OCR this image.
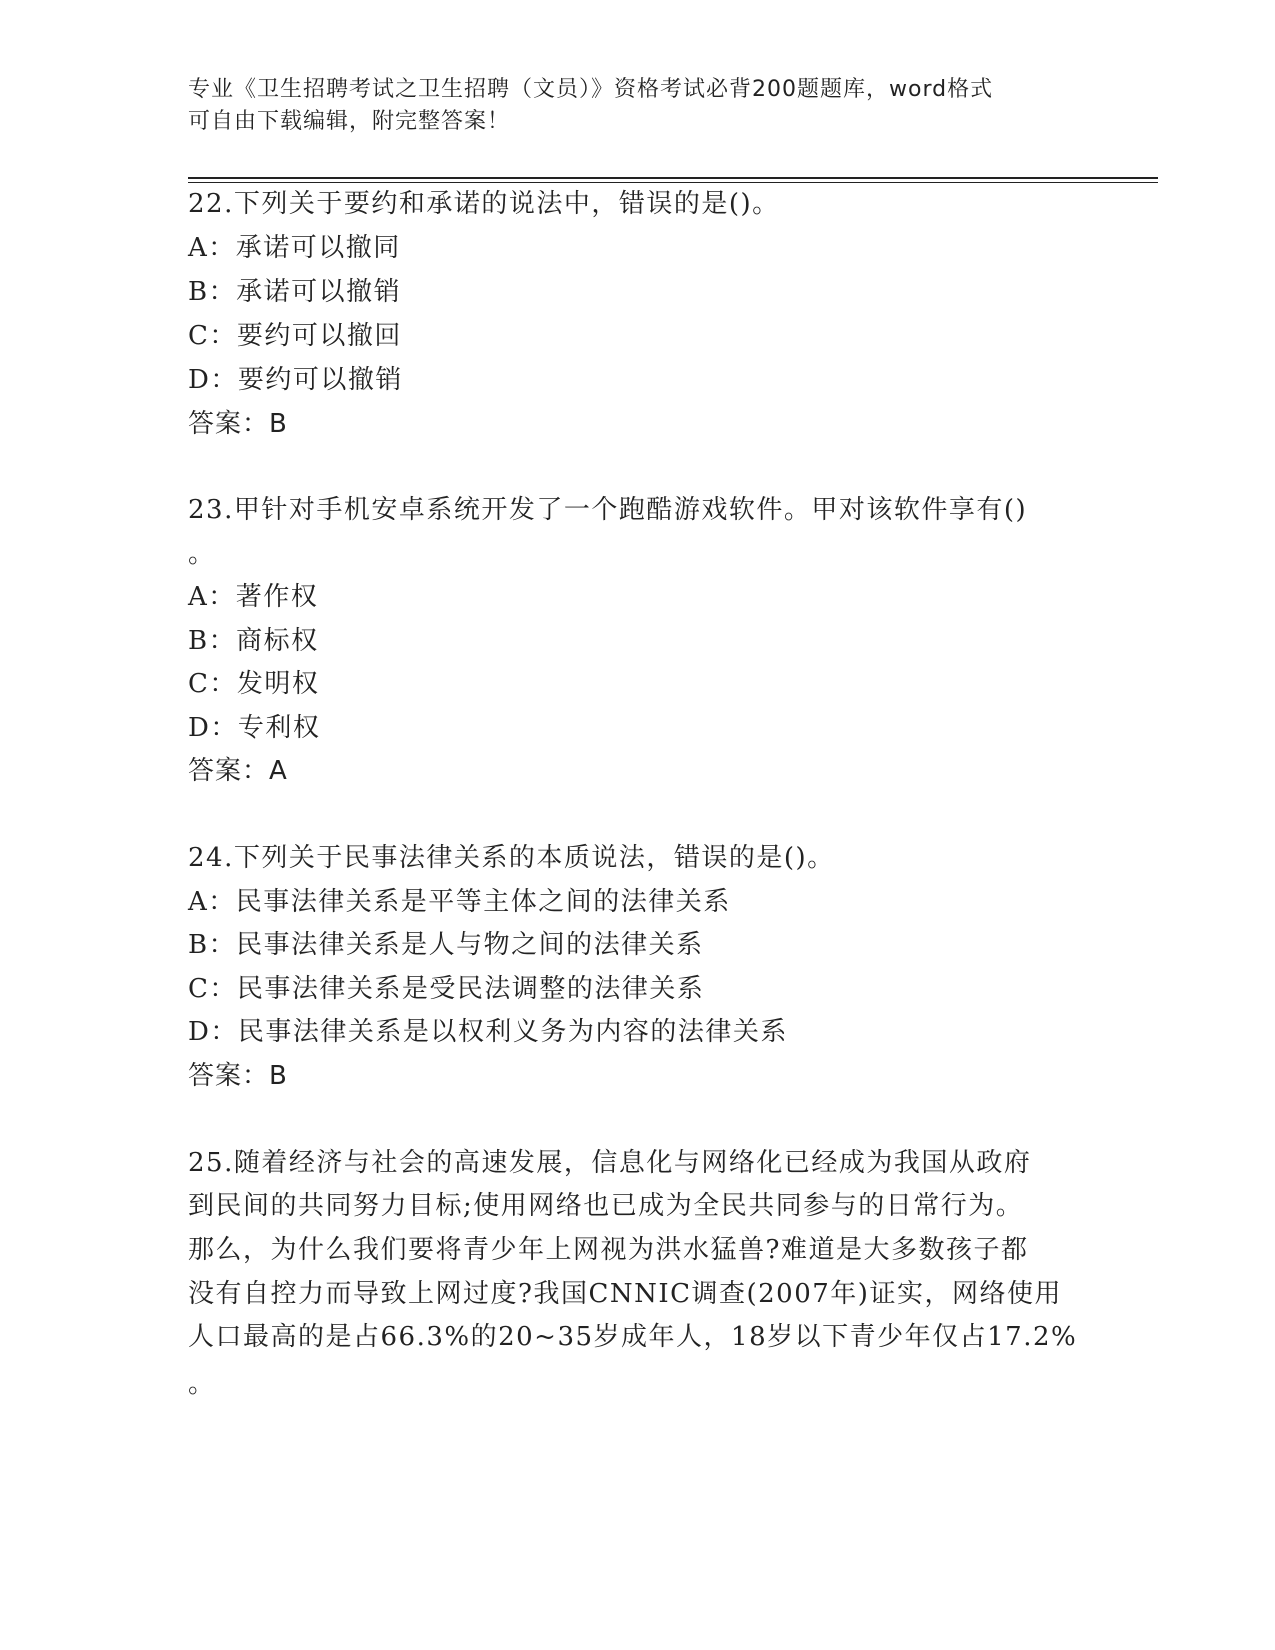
专业《卫生招聘考试之卫生招聘（文员）》资格考试必背200题题库，word格式
可自由下载编辑，附完整答案！
22.下列关于要约和承诺的说法中，错误的是()。
A：承诺可以撤同
B：承诺可以撤销
C：要约可以撤回
D：要约可以撤销
答案：B
23.甲针对手机安卓系统开发了一个跑酷游戏软件。甲对该软件享有()
。
A：著作权
B：商标权
C：发明权
D：专利权
答案：A
24.下列关于民事法律关系的本质说法，错误的是()。
A：民事法律关系是平等主体之间的法律关系
B：民事法律关系是人与物之间的法律关系
C：民事法律关系是受民法调整的法律关系
D：民事法律关系是以权利义务为内容的法律关系
答案：B
25.随着经济与社会的高速发展，信息化与网络化已经成为我国从政府
到民间的共同努力目标;使用网络也已成为全民共同参与的日常行为。
那么，为什么我们要将青少年上网视为洪水猛兽?难道是大多数孩子都
没有自控力而导致上网过度?我国CNNIC调查(2007年)证实，网络使用
人口最高的是占66.3%的20~35岁成年人，18岁以下青少年仅占17.2%
。
